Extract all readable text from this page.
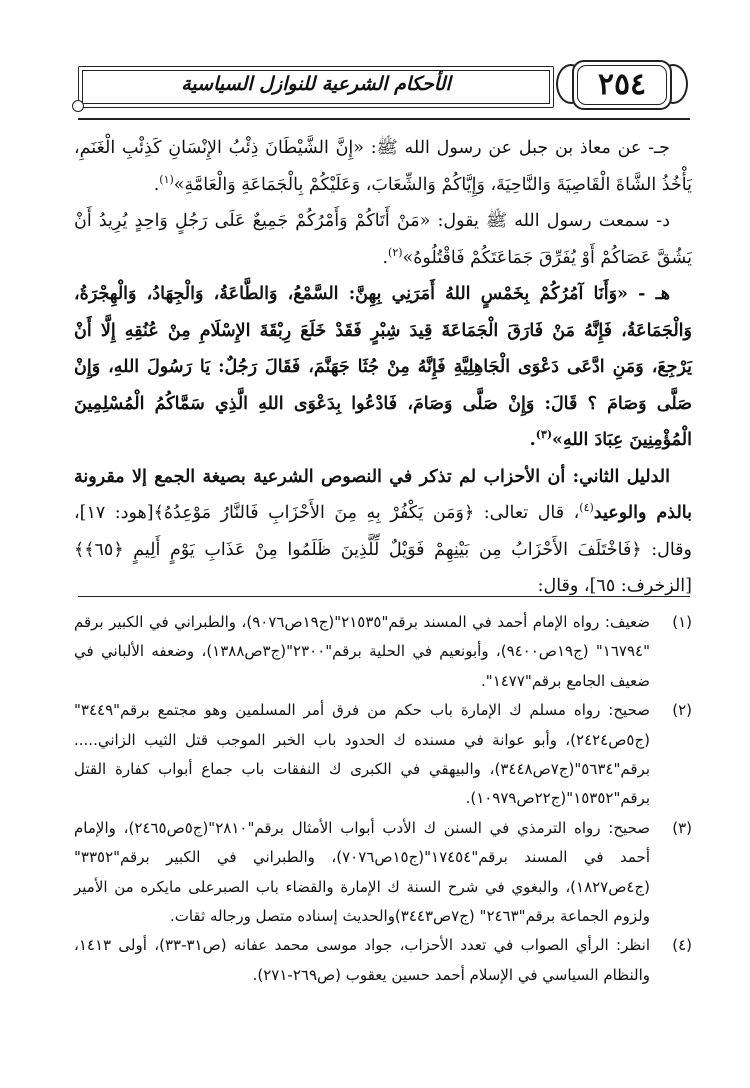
الأحكام الشرعية للنوازل السياسية	٢٥٤

جـ- عن معاذ بن جبل عن رسول الله ﷺ: «إِنَّ الشَّيْطَانَ ذِئْبُ الإِنْسَانِ كَذِئْبِ الْغَنَمِ، يَأْخُذُ الشَّاةَ الْقَاصِيَةَ وَالنَّاحِيَةَ، وَإِيَّاكُمْ وَالشِّعَابَ، وَعَلَيْكُمْ بِالْجَمَاعَةِ وَالْعَامَّةِ»$^{(١)}$.

د- سمعت رسول الله ﷺ يقول: «مَنْ أَتَاكُمْ وَأَمْرُكُمْ جَمِيعٌ عَلَى رَجُلٍ وَاحِدٍ يُرِيدُ أَنْ يَشُقَّ عَصَاكُمْ أَوْ يُفَرِّقَ جَمَاعَتَكُمْ فَاقْتُلُوهُ»$^{(٢)}$.

هـ - «وَأَنَا آمُرُكُمْ بِخَمْسٍ اللهُ أَمَرَنِي بِهِنَّ: السَّمْعُ، وَالطَّاعَةُ، وَالْجِهَادُ، وَالْهِجْرَةُ، وَالْجَمَاعَةُ، فَإِنَّهُ مَنْ فَارَقَ الْجَمَاعَةَ قِيدَ شِبْرٍ فَقَدْ خَلَعَ رِبْقَةَ الإِسْلَامِ مِنْ عُنُقِهِ إِلَّا أَنْ يَرْجِعَ، وَمَنِ ادَّعَى دَعْوَى الْجَاهِلِيَّةِ فَإِنَّهُ مِنْ جُثَا جَهَنَّمَ، فَقَالَ رَجُلٌ: يَا رَسُولَ اللهِ، وَإِنْ صَلَّى وَصَامَ ؟ قَالَ: وَإِنْ صَلَّى وَصَامَ، فَادْعُوا بِدَعْوَى اللهِ الَّذِي سَمَّاكُمُ الْمُسْلِمِينَ الْمُؤْمِنِينَ عِبَادَ اللهِ»$^{(٣)}$.

الدليل الثاني: أن الأحزاب لم تذكر في النصوص الشرعية بصيغة الجمع إلا مقرونة بالذم والوعيد$^{(٤)}$، قال تعالى: ﴿وَمَن يَكْفُرْ بِهِ مِنَ الأَحْزَابِ فَالنَّارُ مَوْعِدُهُ﴾[هود: ١٧]، وقال: ﴿فَاخْتَلَفَ الأَحْزَابُ مِن بَيْنِهِمْ فَوَيْلٌ لِّلَّذِينَ ظَلَمُوا مِنْ عَذَابِ يَوْمٍ أَلِيمٍ ﴿٦٥﴾﴾[الزخرف: ٦٥]، وقال:

(١)
ضعيف: رواه الإمام أحمد في المسند برقم"٢١٥٣٥"(ج١٩ص٩٠٧٦)، والطبراني في الكبير برقم "١٦٧٩٤" (ج١٩ص٩٤٠٠)، وأبونعيم في الحلية برقم"٢٣٠٠"(ج٣ص١٣٨٨)، وضعفه الألباني في ضعيف الجامع برقم"١٤٧٧".
(٢)
صحيح: رواه مسلم ك الإمارة باب حكم من فرق أمر المسلمين وهو مجتمع برقم"٣٤٤٩"(ج٥ص٢٤٢٤)، وأبو عوانة في مسنده ك الحدود باب الخبر الموجب قتل الثيب الزاني..... برقم"٥٦٣٤"(ج٧ص٣٤٤٨)، والبيهقي في الكبرى ك النفقات باب جماع أبواب كفارة القتل برقم"١٥٣٥٢"(ج٢٢ص١٠٩٧٩).
(٣)
صحيح: رواه الترمذي في السنن ك الأدب أبواب الأمثال برقم"٢٨١٠"(ج٥ص٢٤٦٥)، والإمام أحمد في المسند برقم"١٧٤٥٤"(ج١٥ص٧٠٧٦)، والطبراني في الكبير برقم"٣٣٥٢" (ج٤ص١٨٢٧)، والبغوي في شرح السنة ك الإمارة والقضاء باب الصبرعلى مايكره من الأمير ولزوم الجماعة برقم"٢٤٦٣" (ج٧ص٣٤٤٣)والحديث إسناده متصل ورجاله ثقات.
(٤)
انظر: الرأي الصواب في تعدد الأحزاب، جواد موسى محمد عفانه (ص٣١-٣٣)، أولى ١٤١٣، والنظام السياسي في الإسلام أحمد حسين يعقوب (ص٢٦٩-٢٧١).
